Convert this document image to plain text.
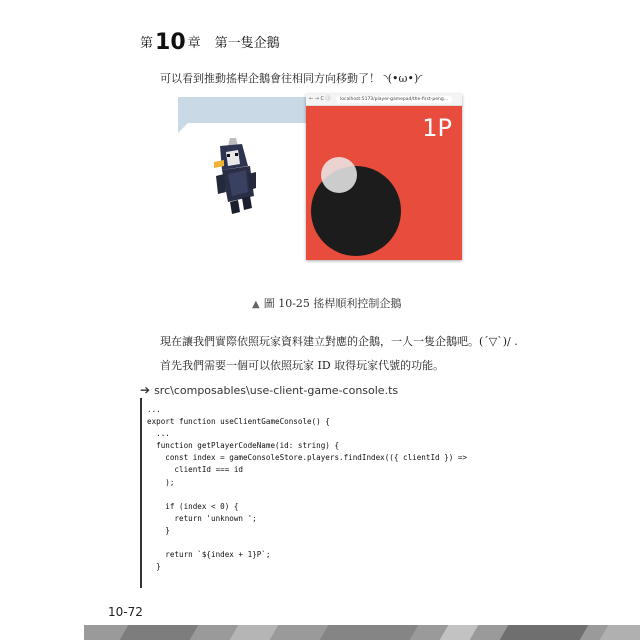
第10 章 第一隻企鵝
可以看到推動搖桿企鵝會往相同方向移動了！ ◝(•ω•)◜
← → C ⓘ	localhost:5173/player-gamepad/the-first-peng...
1P
▲ 圖 10-25 搖桿順利控制企鵝
現在讓我們實際依照玩家資料建立對應的企鵝，一人一隻企鵝吧。(´▽`)/ .
首先我們需要一個可以依照玩家 ID 取得玩家代號的功能。
➔ src\composables\use-client-game-console.ts
...
export function useClientGameConsole() {
...
function getPlayerCodeName(id: string) {
const index = gameConsoleStore.players.findIndex(({ clientId }) =>
clientId === id
);

if (index < 0) {
return 'unknown ';
}

return `${index + 1}P`;
}
10-72
